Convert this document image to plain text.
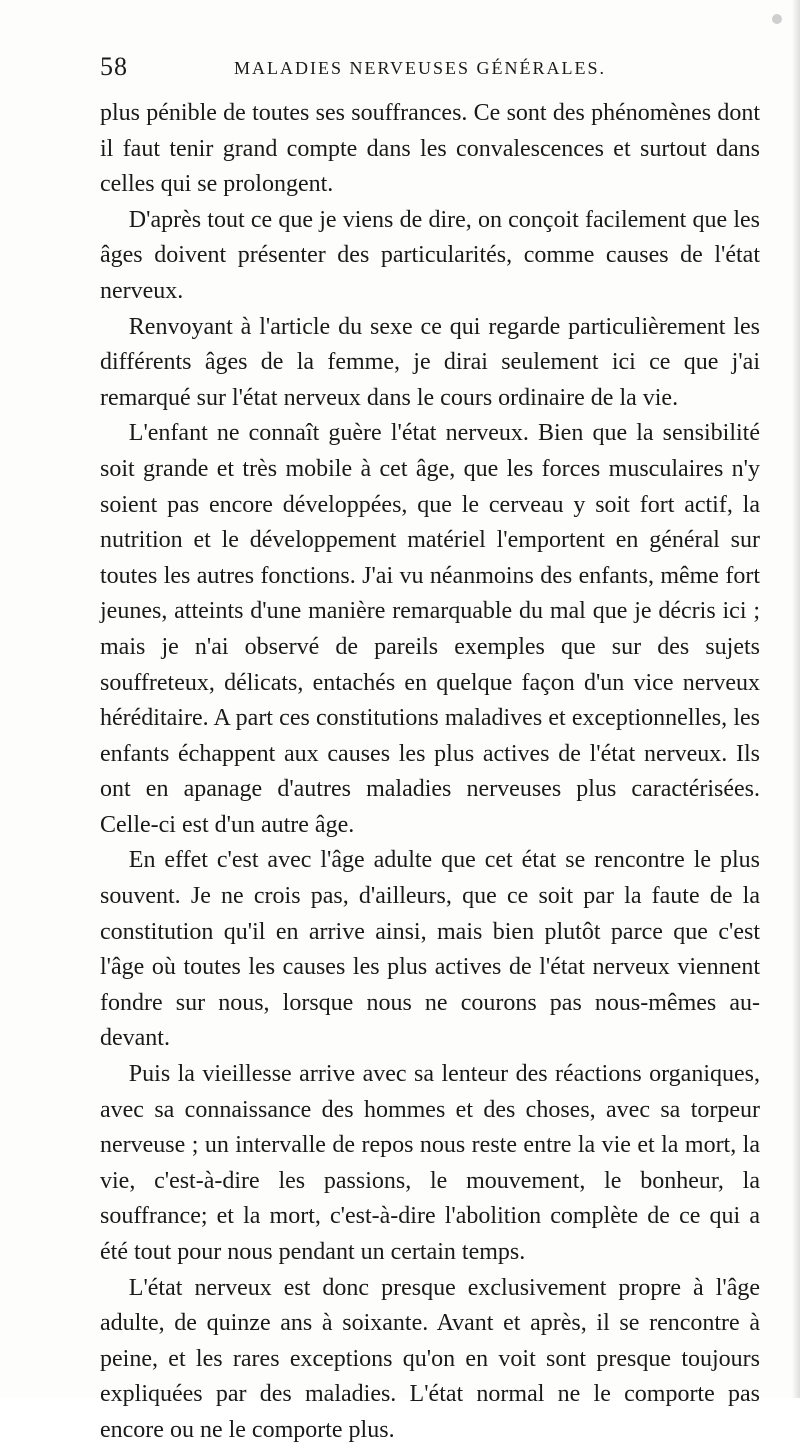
58	MALADIES NERVEUSES GÉNÉRALES.

plus pénible de toutes ses souffrances. Ce sont des phénomènes dont il faut tenir grand compte dans les convalescences et surtout dans celles qui se prolongent.

D'après tout ce que je viens de dire, on conçoit facilement que les âges doivent présenter des particularités, comme causes de l'état nerveux.

Renvoyant à l'article du sexe ce qui regarde particulièrement les différents âges de la femme, je dirai seulement ici ce que j'ai remarqué sur l'état nerveux dans le cours ordinaire de la vie.

L'enfant ne connaît guère l'état nerveux. Bien que la sensibilité soit grande et très mobile à cet âge, que les forces musculaires n'y soient pas encore développées, que le cerveau y soit fort actif, la nutrition et le développement matériel l'emportent en général sur toutes les autres fonctions. J'ai vu néanmoins des enfants, même fort jeunes, atteints d'une manière remarquable du mal que je décris ici ; mais je n'ai observé de pareils exemples que sur des sujets souffreteux, délicats, entachés en quelque façon d'un vice nerveux héréditaire. A part ces constitutions maladives et exceptionnelles, les enfants échappent aux causes les plus actives de l'état nerveux. Ils ont en apanage d'autres maladies nerveuses plus caractérisées. Celle-ci est d'un autre âge.

En effet c'est avec l'âge adulte que cet état se rencontre le plus souvent. Je ne crois pas, d'ailleurs, que ce soit par la faute de la constitution qu'il en arrive ainsi, mais bien plutôt parce que c'est l'âge où toutes les causes les plus actives de l'état nerveux viennent fondre sur nous, lorsque nous ne courons pas nous-mêmes au-devant.

Puis la vieillesse arrive avec sa lenteur des réactions organiques, avec sa connaissance des hommes et des choses, avec sa torpeur nerveuse ; un intervalle de repos nous reste entre la vie et la mort, la vie, c'est-à-dire les passions, le mouvement, le bonheur, la souffrance; et la mort, c'est-à-dire l'abolition complète de ce qui a été tout pour nous pendant un certain temps.

L'état nerveux est donc presque exclusivement propre à l'âge adulte, de quinze ans à soixante. Avant et après, il se rencontre à peine, et les rares exceptions qu'on en voit sont presque toujours expliquées par des maladies. L'état normal ne le comporte pas encore ou ne le comporte plus.
